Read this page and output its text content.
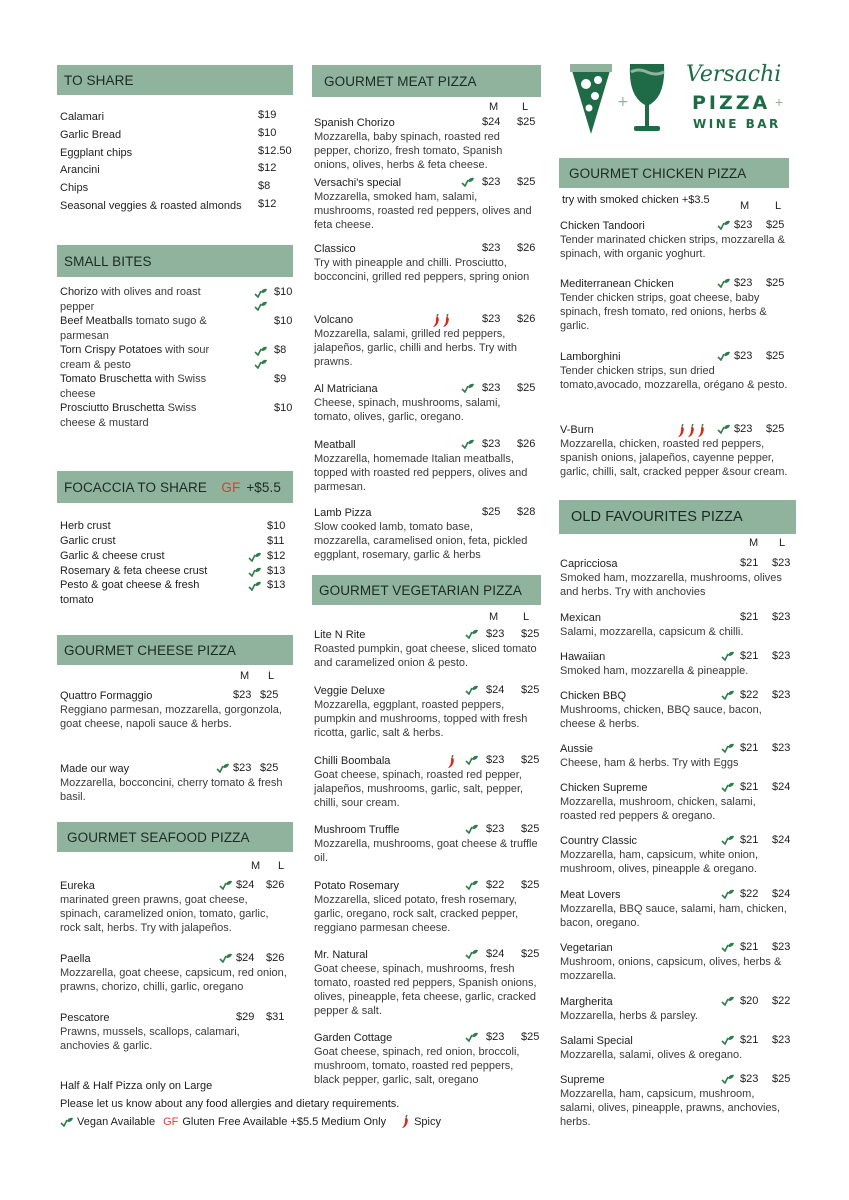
TO SHARE
Calamari	$19
Garlic Bread	$10
Eggplant chips	$12.50
Arancini	$12
Chips	$8
Seasonal veggies & roasted almonds $12
SMALL BITES
Chorizo with olives and roast
pepper
$10
Beef Meatballs tomato sugo &
parmesan
$10
Torn Crispy Potatoes with sour
cream & pesto
$8
Tomato Bruschetta with Swiss
cheese
$9
Prosciutto Bruschetta Swiss
cheese & mustard
$10
FOCACCIA TO SHARE GF +$5.5
Herb crust	$10
Garlic crust	$11
Garlic & cheese crust	$12
Rosemary & feta cheese crust	$13
Pesto & goat cheese & fresh
tomato
$13
GOURMET CHEESE PIZZA
M L
Quattro Formaggio
Reggiano parmesan, mozzarella, gorgonzola, goat cheese, napoli sauce & herbs.
$23 $25
Made our way
Mozzarella, bocconcini, cherry tomato & fresh basil.
$23 $25
GOURMET SEAFOOD PIZZA
M L
Eureka
marinated green prawns, goat cheese, spinach, caramelized onion, tomato, garlic, rock salt, herbs. Try with jalapeños.
$24 $26
Paella
Mozzarella, goat cheese, capsicum, red onion, prawns, chorizo, chilli, garlic, oregano
$24 $26
Pescatore
Prawns, mussels, scallops, calamari, anchovies & garlic.
$29 $31
Half & Half Pizza only on Large
Please let us know about any food allergies and dietary requirements.
Vegan Available GF Gluten Free Available +$5.5 Medium Only	Spicy
GOURMET MEAT PIZZA
M L
Spanish Chorizo
Mozzarella, baby spinach, roasted red pepper, chorizo, fresh tomato, Spanish onions, olives, herbs & feta cheese.
$24 $25
Versachi's special
Mozzarella, smoked ham, salami, mushrooms, roasted red peppers, olives and feta cheese.
$23 $25
Classico
Try with pineapple and chilli. Prosciutto, bocconcini, grilled red peppers, spring onion
$23 $26
Volcano
Mozzarella, salami, grilled red peppers, jalapeños, garlic, chilli and herbs. Try with prawns.
$23 $26
Al Matriciana
Cheese, spinach, mushrooms, salami, tomato, olives, garlic, oregano.
$23 $25
Meatball
Mozzarella, homemade Italian meatballs, topped with roasted red peppers, olives and parmesan.
$23 $26
Lamb Pizza
Slow cooked lamb, tomato base, mozzarella, caramelised onion, feta, pickled eggplant, rosemary, garlic & herbs
$25 $28
GOURMET VEGETARIAN PIZZA
M L
Lite N Rite
Roasted pumpkin, goat cheese, sliced tomato and caramelized onion & pesto.
$23 $25
Veggie Deluxe
Mozzarella, eggplant, roasted peppers, pumpkin and mushrooms, topped with fresh ricotta, garlic, salt & herbs.
$24 $25
Chilli Boombala
Goat cheese, spinach, roasted red pepper, jalapeños, mushrooms, garlic, salt, pepper, chilli, sour cream.
$23 $25
Mushroom Truffle
Mozzarella, mushrooms, goat cheese & truffle oil.
$23 $25
Potato Rosemary
Mozzarella, sliced potato, fresh rosemary, garlic, oregano, rock salt, cracked pepper, reggiano parmesan cheese.
$22 $25
Mr. Natural
Goat cheese, spinach, mushrooms, fresh tomato, roasted red peppers, Spanish onions, olives, pineapple, feta cheese, garlic, cracked pepper & salt.
$24 $25
Garden Cottage
Goat cheese, spinach, red onion, broccoli, mushroom, tomato, roasted red peppers, black pepper, garlic, salt, oregano
$23 $25
+
Versachi
PIZZA +
WINE BAR
GOURMET CHICKEN PIZZA
M L
Chicken Tandoori
Tender marinated chicken strips, mozzarella & spinach, with organic yoghurt.
$23 $25
Mediterranean Chicken
Tender chicken strips, goat cheese, baby spinach, fresh tomato, red onions, herbs & garlic.
$23 $25
Lamborghini
Tender chicken strips, sun dried tomato,avocado, mozzarella, orégano & pesto.
$23 $25
V-Burn
Mozzarella, chicken, roasted red peppers, spanish onions, jalapeños, cayenne pepper, garlic, chilli, salt, cracked pepper &sour cream.
$23 $25
try with smoked chicken +$3.5
OLD FAVOURITES PIZZA
M L
Capricciosa
Smoked ham, mozzarella, mushrooms, olives and herbs. Try with anchovies
$21 $23
Mexican
Salami, mozzarella, capsicum & chilli.
$21 $23
Hawaiian
Smoked ham, mozzarella & pineapple.
$21 $23
Chicken BBQ
Mushrooms, chicken, BBQ sauce, bacon, cheese & herbs.
$22 $23
Aussie
Cheese, ham & herbs. Try with Eggs
$21 $23
Chicken Supreme
Mozzarella, mushroom, chicken, salami, roasted red peppers & oregano.
$21 $24
Country Classic
Mozzarella, ham, capsicum, white onion, mushroom, olives, pineapple & oregano.
$21 $24
Meat Lovers
Mozzarella, BBQ sauce, salami, ham, chicken, bacon, oregano.
$22 $24
Vegetarian
Mushroom, onions, capsicum, olives, herbs & mozzarella.
$21 $23
Margherita
Mozzarella, herbs & parsley.
$20 $22
Salami Special
Mozzarella, salami, olives & oregano.
$21 $23
Supreme
Mozzarella, ham, capsicum, mushroom, salami, olives, pineapple, prawns, anchovies, herbs.
$23 $25
